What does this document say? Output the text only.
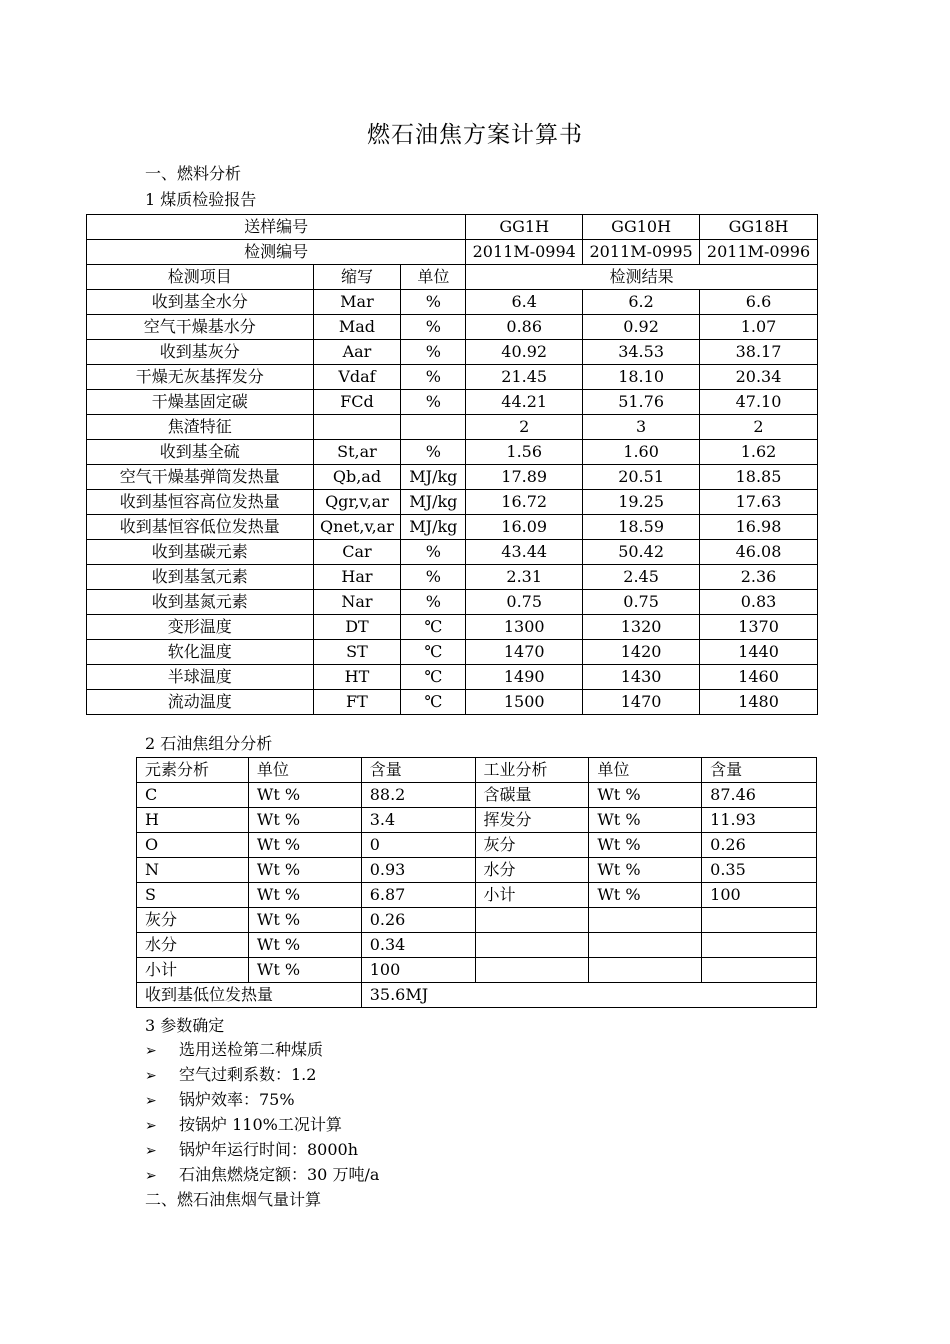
燃石油焦方案计算书
一、燃料分析
1 煤质检验报告
送样编号			GG1H	GG10H	GG18H
检测编号			2011M-0994	2011M-0995	2011M-0996
检测项目	缩写	单位	检测结果		
收到基全水分	Mar	%	6.4	6.2	6.6
空气干燥基水分	Mad	%	0.86	0.92	1.07
收到基灰分	Aar	%	40.92	34.53	38.17
干燥无灰基挥发分	Vdaf	%	21.45	18.10	20.34
干燥基固定碳	FCd	%	44.21	51.76	47.10
焦渣特征			2	3	2
收到基全硫	St,ar	%	1.56	1.60	1.62
空气干燥基弹筒发热量	Qb,ad	MJ/kg	17.89	20.51	18.85
收到基恒容高位发热量	Qgr,v,ar	MJ/kg	16.72	19.25	17.63
收到基恒容低位发热量	Qnet,v,ar	MJ/kg	16.09	18.59	16.98
收到基碳元素	Car	%	43.44	50.42	46.08
收到基氢元素	Har	%	2.31	2.45	2.36
收到基氮元素	Nar	%	0.75	0.75	0.83
变形温度	DT	℃	1300	1320	1370
软化温度	ST	℃	1470	1420	1440
半球温度	HT	℃	1490	1430	1460
流动温度	FT	℃	1500	1470	1480
2 石油焦组分分析
元素分析	单位	含量	工业分析	单位	含量
C	Wt %	88.2	含碳量	Wt %	87.46
H	Wt %	3.4	挥发分	Wt %	11.93
O	Wt %	0	灰分	Wt %	0.26
N	Wt %	0.93	水分	Wt %	0.35
S	Wt %	6.87	小计	Wt %	100
灰分	Wt %	0.26			
水分	Wt %	0.34			
小计	Wt %	100			
收到基低位发热量		35.6MJ			
3 参数确定
➢ 选用送检第二种煤质
➢ 空气过剩系数：1.2
➢ 锅炉效率：75%
➢ 按锅炉 110%工况计算
➢ 锅炉年运行时间：8000h
➢ 石油焦燃烧定额：30 万吨/a
二、燃石油焦烟气量计算
